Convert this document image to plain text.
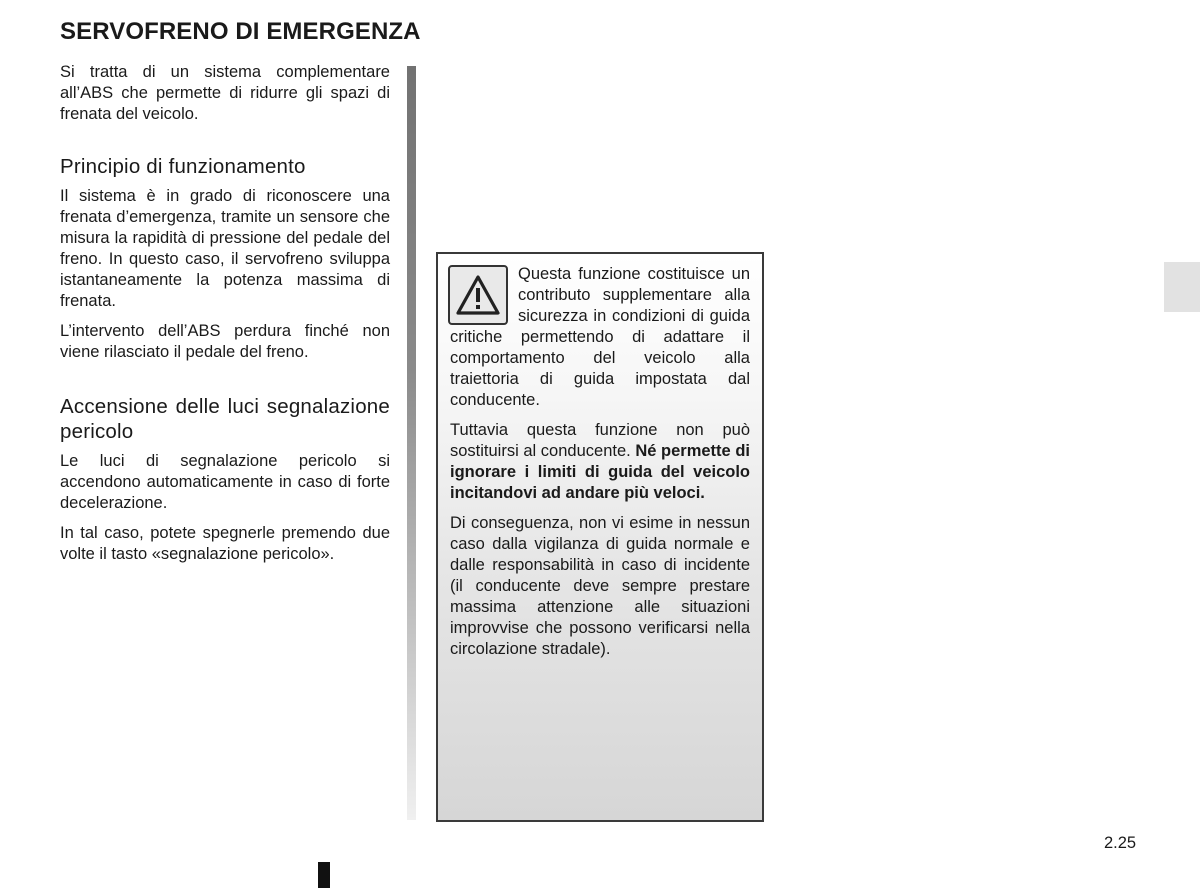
SERVOFRENO DI EMERGENZA

Si tratta di un sistema complementare all’ABS che permette di ridurre gli spazi di frenata del veicolo.

Principio di funzionamento

Il sistema è in grado di riconoscere una frenata d’emergenza, tramite un sensore che misura la rapidità di pressione del pedale del freno. In questo caso, il servofreno sviluppa istantaneamente la potenza massima di frenata.

L’intervento dell’ABS perdura finché non viene rilasciato il pedale del freno.

Accensione delle luci segnalazione pericolo

Le luci di segnalazione pericolo si accendono automaticamente in caso di forte decelerazione.

In tal caso, potete spegnerle premendo due volte il tasto «segnalazione pericolo».

Questa funzione costituisce un contributo supplementare alla sicurezza in condizioni di guida critiche permettendo di adattare il comportamento del veicolo alla traiettoria di guida impostata dal conducente.

Tuttavia questa funzione non può sostituirsi al conducente. Né permette di ignorare i limiti di guida del veicolo incitandovi ad andare più veloci.

Di conseguenza, non vi esime in nessun caso dalla vigilanza di guida normale e dalle responsabilità in caso di incidente (il conducente deve sempre prestare massima attenzione alle situazioni improvvise che possono verificarsi nella circolazione stradale).

2.25
